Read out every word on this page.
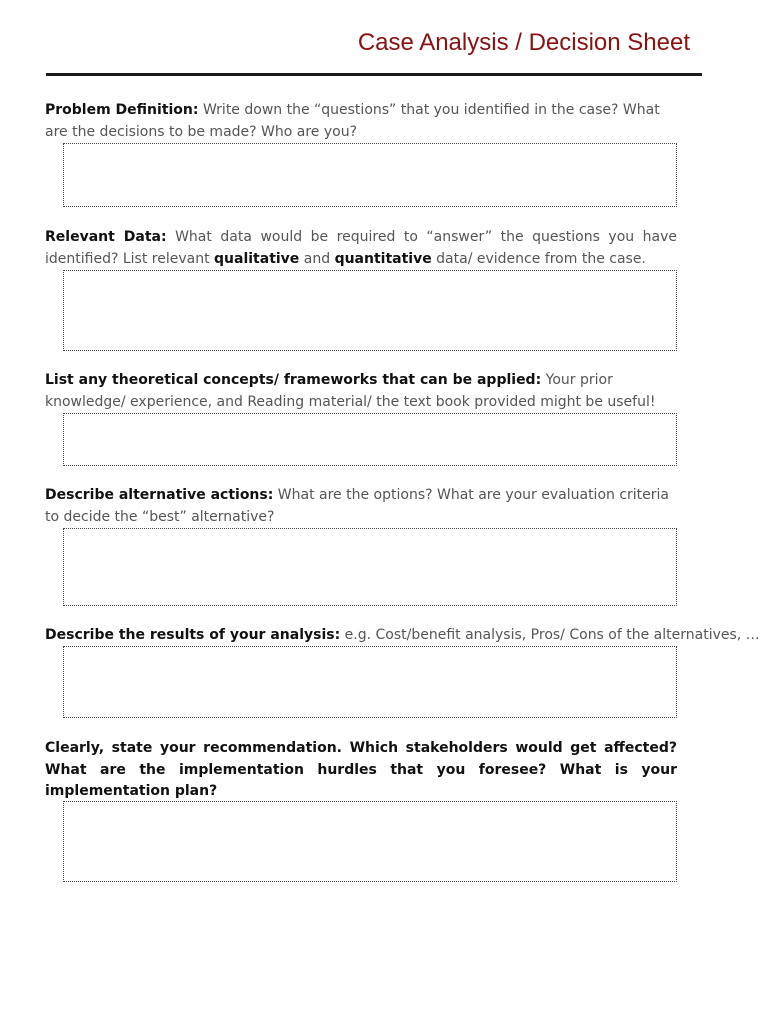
Case Analysis / Decision Sheet

Problem Definition: Write down the “questions” that you identified in the case? What are the decisions to be made? Who are you?

Relevant Data: What data would be required to “answer” the questions you have identified? List relevant qualitative and quantitative data/ evidence from the case.

List any theoretical concepts/ frameworks that can be applied: Your prior knowledge/ experience, and Reading material/ the text book provided might be useful!

Describe alternative actions: What are the options? What are your evaluation criteria to decide the “best” alternative?

Describe the results of your analysis: e.g. Cost/benefit analysis, Pros/ Cons of the alternatives, …

Clearly, state your recommendation. Which stakeholders would get affected? What are the implementation hurdles that you foresee? What is your implementation plan?
